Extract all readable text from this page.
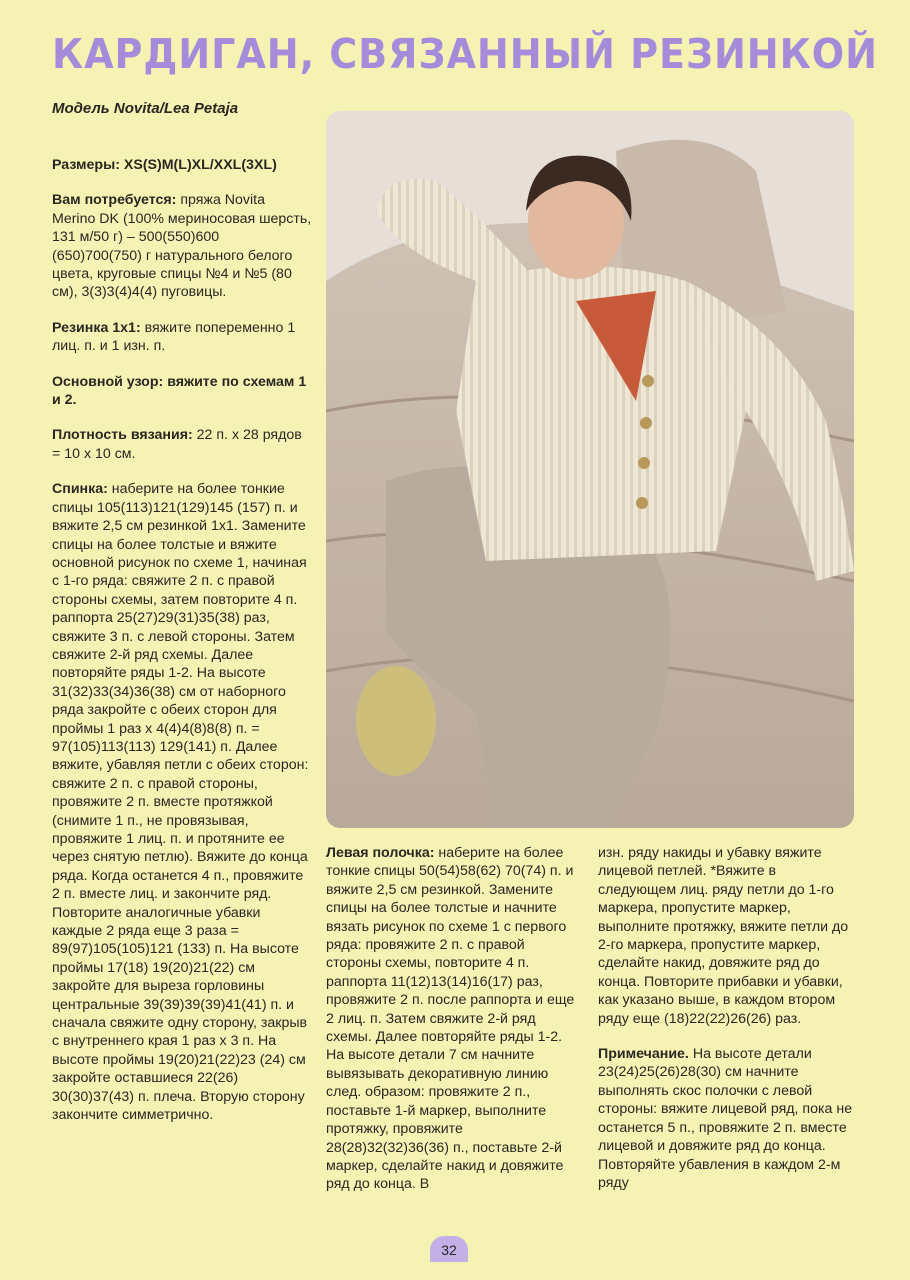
КАРДИГАН, СВЯЗАННЫЙ РЕЗИНКОЙ
Модель Novita/Lea Petaja

Размеры: XS(S)M(L)XL/XXL(3XL)

Вам потребуется: пряжа Novita Merino DK (100% мериносовая шерсть, 131 м/50 г) – 500(550)600 (650)700(750) г натурального белого цвета, круговые спицы №4 и №5 (80 см), 3(3)3(4)4(4) пуговицы.

Резинка 1х1: вяжите попеременно 1 лиц. п. и 1 изн. п.

Основной узор: вяжите по схемам 1 и 2.

Плотность вязания: 22 п. х 28 рядов = 10 х 10 см.

Спинка: наберите на более тонкие спицы 105(113)121(129)145 (157) п. и вяжите 2,5 см резинкой 1х1. Замените спицы на более толстые и вяжите основной рисунок по схеме 1, начиная с 1-го ряда: свяжите 2 п. с правой стороны схемы, затем повторите 4 п. раппорта 25(27)29(31)35(38) раз, свяжите 3 п. с левой стороны. Затем свяжите 2-й ряд схемы. Далее повторяйте ряды 1-2. На высоте 31(32)33(34)36(38) см от наборного ряда закройте с обеих сторон для проймы 1 раз х 4(4)4(8)8(8) п. = 97(105)113(113) 129(141) п. Далее вяжите, убавляя петли с обеих сторон: свяжите 2 п. с правой стороны, провяжите 2 п. вместе протяжкой (снимите 1 п., не провязывая, провяжите 1 лиц. п. и протяните ее через снятую петлю). Вяжите до конца ряда. Когда останется 4 п., провяжите 2 п. вместе лиц. и закончите ряд. Повторите аналогичные убавки каждые 2 ряда еще 3 раза = 89(97)105(105)121 (133) п. На высоте проймы 17(18) 19(20)21(22) см закройте для выреза горловины центральные 39(39)39(39)41(41) п. и сначала свяжите одну сторону, закрыв с внутреннего края 1 раз х 3 п. На высоте проймы 19(20)21(22)23 (24) см закройте оставшиеся 22(26) 30(30)37(43) п. плеча. Вторую сторону закончите симметрично.

Левая полочка: наберите на более тонкие спицы 50(54)58(62) 70(74) п. и вяжите 2,5 см резинкой. Замените спицы на более толстые и начните вязать рисунок по схеме 1 с первого ряда: провяжите 2 п. с правой стороны схемы, повторите 4 п. раппорта 11(12)13(14)16(17) раз, провяжите 2 п. после раппорта и еще 2 лиц. п. Затем свяжите 2-й ряд схемы. Далее повторяйте ряды 1-2. На высоте детали 7 см начните вывязывать декоративную линию след. образом: провяжите 2 п., поставьте 1-й маркер, выполните протяжку, провяжите 28(28)32(32)36(36) п., поставьте 2-й маркер, сделайте накид и довяжите ряд до конца. В

изн. ряду накиды и убавку вяжите лицевой петлей. *Вяжите в следующем лиц. ряду петли до 1-го маркера, пропустите маркер, выполните протяжку, вяжите петли до 2-го маркера, пропустите маркер, сделайте накид, довяжите ряд до конца. Повторите прибавки и убавки, как указано выше, в каждом втором ряду еще (18)22(22)26(26) раз.

Примечание. На высоте детали 23(24)25(26)28(30) см начните выполнять скос полочки с левой стороны: вяжите лицевой ряд, пока не останется 5 п., провяжите 2 п. вместе лицевой и довяжите ряд до конца. Повторяйте убавления в каждом 2-м ряду

32
